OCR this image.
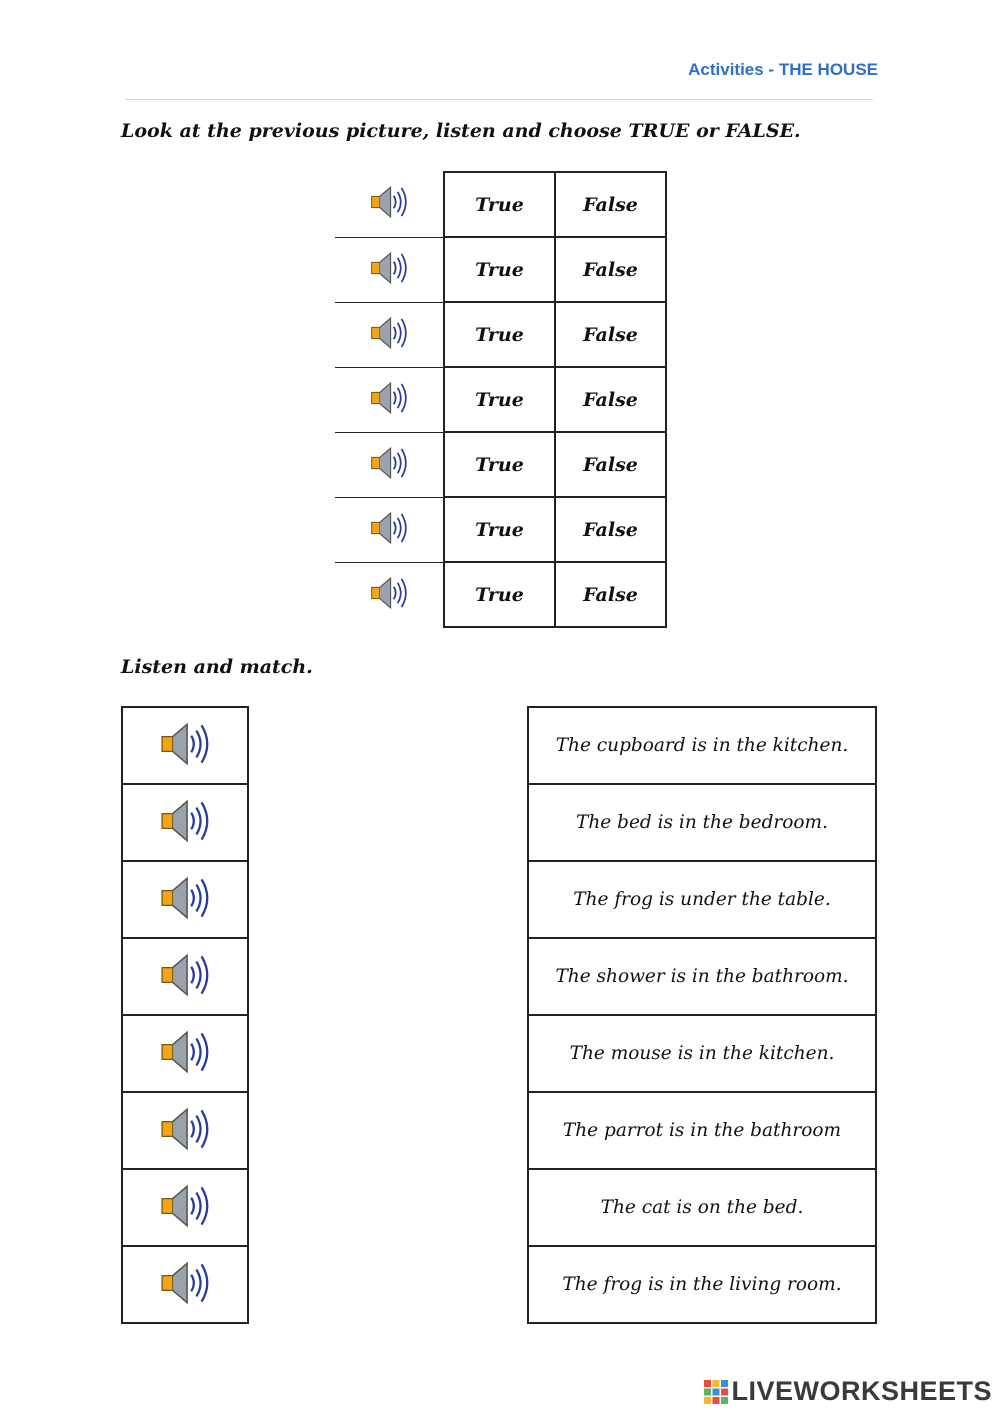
Activities - THE HOUSE
Look at the previous picture, listen and choose TRUE or FALSE.
	True	False
	True	False
	True	False
	True	False
	True	False
	True	False
	True	False
Listen and match.

The cupboard is in the kitchen.
The bed is in the bedroom.
The frog is under the table.
The shower is in the bathroom.
The mouse is in the kitchen.
The parrot is in the bathroom
The cat is on the bed.
The frog is in the living room.
LIVEWORKSHEETS
